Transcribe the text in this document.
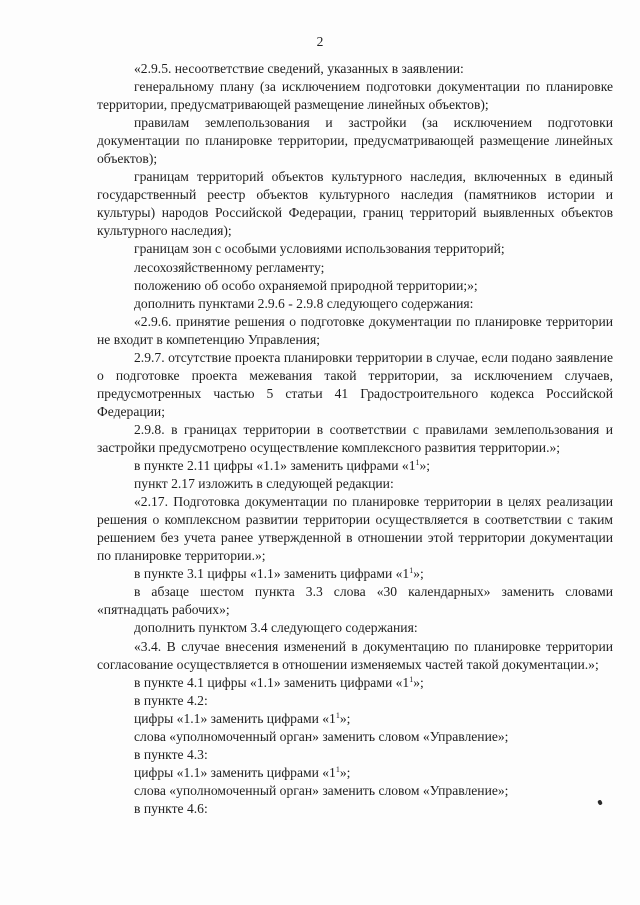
2

«2.9.5. несоответствие сведений, указанных в заявлении:

генеральному плану (за исключением подготовки документации по планировке территории, предусматривающей размещение линейных объектов);

правилам землепользования и застройки (за исключением подготовки документации по планировке территории, предусматривающей размещение линейных объектов);

границам территорий объектов культурного наследия, включенных в единый государственный реестр объектов культурного наследия (памятников истории и культуры) народов Российской Федерации, границ территорий выявленных объектов культурного наследия);

границам зон с особыми условиями использования территорий;

лесохозяйственному регламенту;

положению об особо охраняемой природной территории;»;

дополнить пунктами 2.9.6 - 2.9.8 следующего содержания:

«2.9.6. принятие решения о подготовке документации по планировке территории не входит в компетенцию Управления;

2.9.7. отсутствие проекта планировки территории в случае, если подано заявление о подготовке проекта межевания такой территории, за исключением случаев, предусмотренных частью 5 статьи 41 Градостроительного кодекса Российской Федерации;

2.9.8. в границах территории в соответствии с правилами землепользования и застройки предусмотрено осуществление комплексного развития территории.»;

в пункте 2.11 цифры «1.1» заменить цифрами «$1^1$»;

пункт 2.17 изложить в следующей редакции:

«2.17. Подготовка документации по планировке территории в целях реализации решения о комплексном развитии территории осуществляется в соответствии с таким решением без учета ранее утвержденной в отношении этой территории документации по планировке территории.»;

в пункте 3.1 цифры «1.1» заменить цифрами «$1^1$»;

в абзаце шестом пункта 3.3 слова «30 календарных» заменить словами «пятнадцать рабочих»;

дополнить пунктом 3.4 следующего содержания:

«3.4. В случае внесения изменений в документацию по планировке территории согласование осуществляется в отношении изменяемых частей такой документации.»;

в пункте 4.1 цифры «1.1» заменить цифрами «$1^1$»;

в пункте 4.2:

цифры «1.1» заменить цифрами «$1^1$»;

слова «уполномоченный орган» заменить словом «Управление»;

в пункте 4.3:

цифры «1.1» заменить цифрами «$1^1$»;

слова «уполномоченный орган» заменить словом «Управление»;

в пункте 4.6:
